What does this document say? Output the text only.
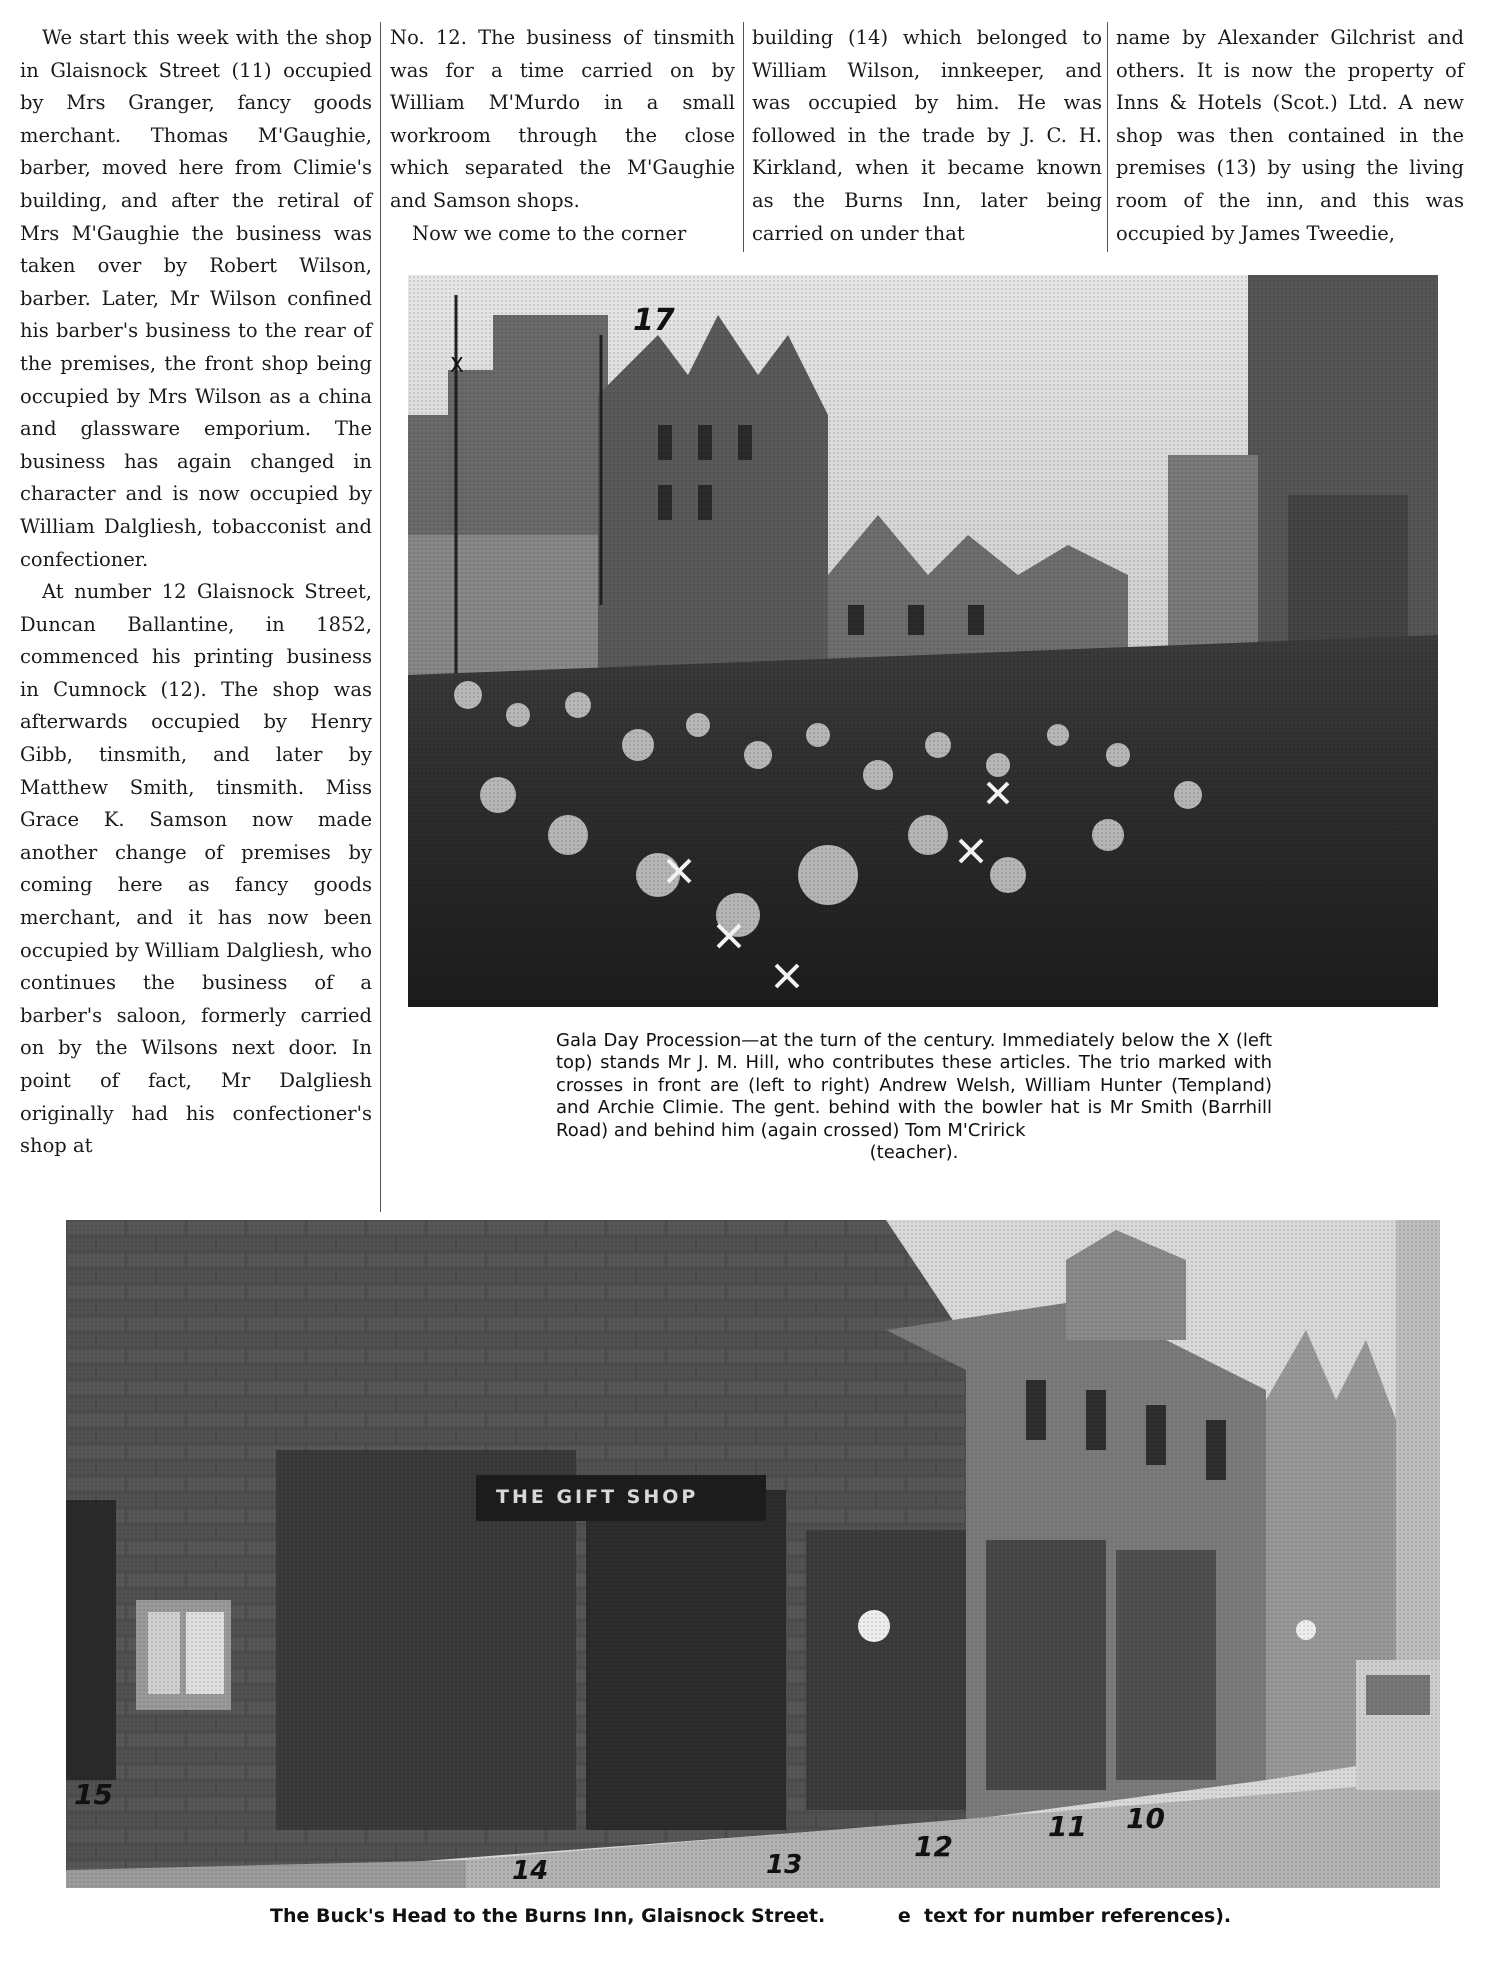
We start this week with the shop in Glaisnock Street (11) occupied by Mrs Granger, fancy goods merchant. Thomas M'Gaughie, barber, moved here from Climie's building, and after the retiral of Mrs M'Gaughie the business was taken over by Robert Wilson, barber. Later, Mr Wilson confined his barber's business to the rear of the premises, the front shop being occupied by Mrs Wilson as a china and glassware emporium. The business has again changed in character and is now occupied by William Dalgliesh, tobacconist and confectioner.

At number 12 Glaisnock Street, Duncan Ballantine, in 1852, commenced his printing business in Cumnock (12). The shop was afterwards occupied by Henry Gibb, tinsmith, and later by Matthew Smith, tinsmith. Miss Grace K. Samson now made another change of premises by coming here as fancy goods merchant, and it has now been occupied by William Dalgliesh, who continues the business of a barber's saloon, formerly carried on by the Wilsons next door. In point of fact, Mr Dalgliesh originally had his confectioner's shop at

No. 12. The business of tinsmith was for a time carried on by William M'Murdo in a small workroom through the close which separated the M'Gaughie and Samson shops.

Now we come to the corner

building (14) which belonged to William Wilson, innkeeper, and was occupied by him. He was followed in the trade by J. C. H. Kirkland, when it became known as the Burns Inn, later being carried on under that

name by Alexander Gilchrist and others. It is now the property of Inns & Hotels (Scot.) Ltd. A new shop was then contained in the premises (13) by using the living room of the inn, and this was occupied by James Tweedie,

17
X
Gala Day Procession—at the turn of the century. Immediately below the X (left top) stands Mr J. M. Hill, who contributes these articles. The trio marked with crosses in front are (left to right) Andrew Welsh, William Hunter (Templand) and Archie Climie. The gent. behind with the bowler hat is Mr Smith (Barrhill Road) and behind him (again crossed) Tom M'Cririck
(teacher).
THE GIFT SHOP
15
14	13
12
11 10
The Buck's Head to the Burns Inn, Glaisnock Street.           e  text for number references).
